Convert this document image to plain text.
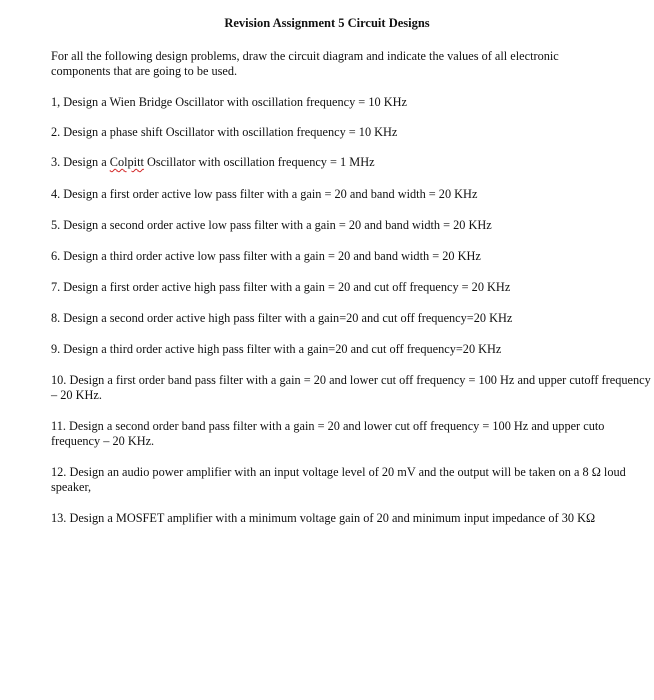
Revision Assignment 5 Circuit Designs
For all the following design problems, draw the circuit diagram and indicate the values of all electronic components that are going to be used.
1, Design a Wien Bridge Oscillator with oscillation frequency = 10 KHz
2. Design a phase shift Oscillator with oscillation frequency = 10 KHz
3. Design a Colpitt Oscillator with oscillation frequency = 1 MHz
4. Design a first order active low pass filter with a gain = 20 and band width = 20 KHz
5. Design a second order active low pass filter with a gain = 20 and band width = 20 KHz
6. Design a third order active low pass filter with a gain = 20 and band width = 20 KHz
7. Design a first order active high pass filter with a gain = 20 and cut off frequency = 20 KHz
8. Design a second order active high pass filter with a gain=20 and cut off frequency=20 KHz
9. Design a third order active high pass filter with a gain=20 and cut off frequency=20 KHz
10. Design a first order band pass filter with a gain = 20 and lower cut off frequency = 100 Hz and upper cutoff frequency – 20 KHz.
11. Design a second order band pass filter with a gain = 20 and lower cut off frequency = 100 Hz and upper cuto frequency – 20 KHz.
12. Design an audio power amplifier with an input voltage level of 20 mV and the output will be taken on a 8 Ω loud speaker,
13. Design a MOSFET amplifier with a minimum voltage gain of 20 and minimum input impedance of 30 KΩ
